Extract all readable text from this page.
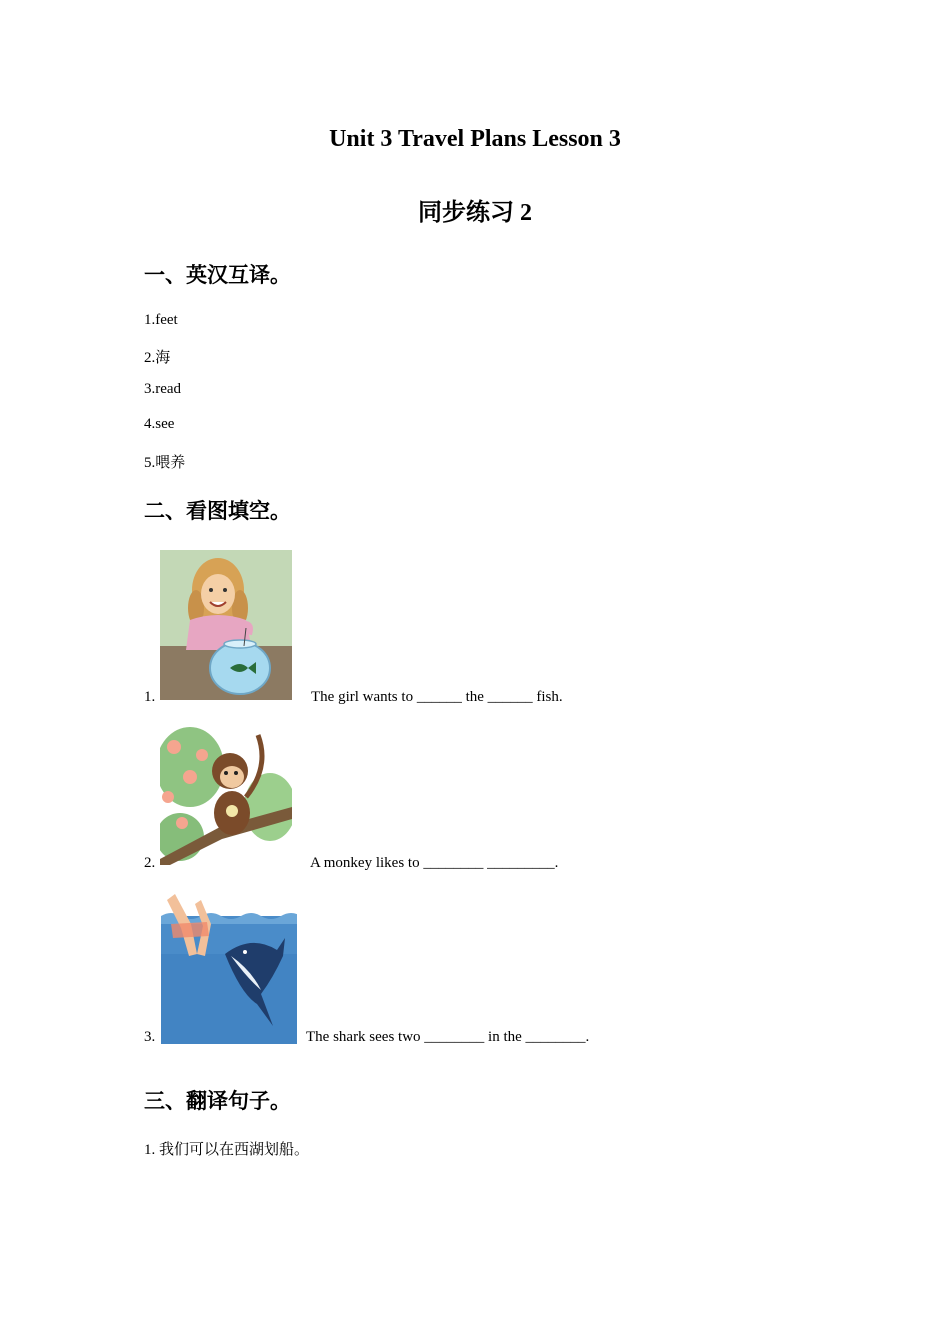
Unit 3 Travel Plans Lesson 3
同步练习 2
一、英汉互译。
1.feet
2.海
3.read
4.see
5.喂养
二、看图填空。
1.	The girl wants to ______ the ______ fish.
2.	A monkey likes to ________ _________.
3.	The shark sees two ________ in the ________.
三、翻译句子。
1. 我们可以在西湖划船。
